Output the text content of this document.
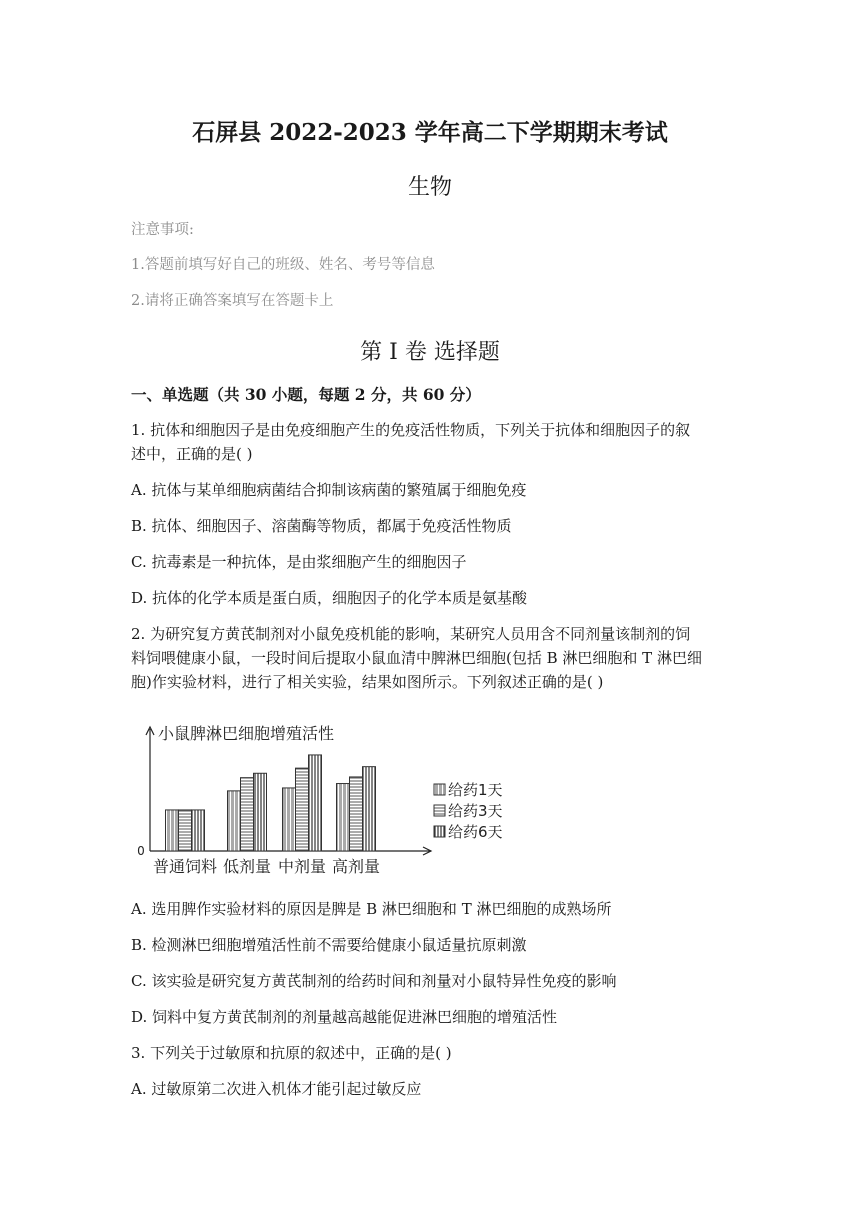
石屏县 2022-2023 学年高二下学期期末考试
生物
注意事项:
1.答题前填写好自己的班级、姓名、考号等信息
2.请将正确答案填写在答题卡上
第 I 卷 选择题
一、单选题（共 30 小题，每题 2 分，共 60 分）
1. 抗体和细胞因子是由免疫细胞产生的免疫活性物质，下列关于抗体和细胞因子的叙
述中，正确的是( )
A. 抗体与某单细胞病菌结合抑制该病菌的繁殖属于细胞免疫
B. 抗体、细胞因子、溶菌酶等物质，都属于免疫活性物质
C. 抗毒素是一种抗体，是由浆细胞产生的细胞因子
D. 抗体的化学本质是蛋白质，细胞因子的化学本质是氨基酸
2. 为研究复方黄芪制剂对小鼠免疫机能的影响，某研究人员用含不同剂量该制剂的饲
料饲喂健康小鼠，一段时间后提取小鼠血清中脾淋巴细胞(包括 B 淋巴细胞和 T 淋巴细
胞)作实验材料，进行了相关实验，结果如图所示。下列叙述正确的是( )
小鼠脾淋巴细胞增殖活性
0
普通饲料 低剂量 中剂量 高剂量
给药1天
给药3天
给药6天
A. 选用脾作实验材料的原因是脾是 B 淋巴细胞和 T 淋巴细胞的成熟场所
B. 检测淋巴细胞增殖活性前不需要给健康小鼠适量抗原刺激
C. 该实验是研究复方黄芪制剂的给药时间和剂量对小鼠特异性免疫的影响
D. 饲料中复方黄芪制剂的剂量越高越能促进淋巴细胞的增殖活性
3. 下列关于过敏原和抗原的叙述中，正确的是( )
A. 过敏原第二次进入机体才能引起过敏反应
